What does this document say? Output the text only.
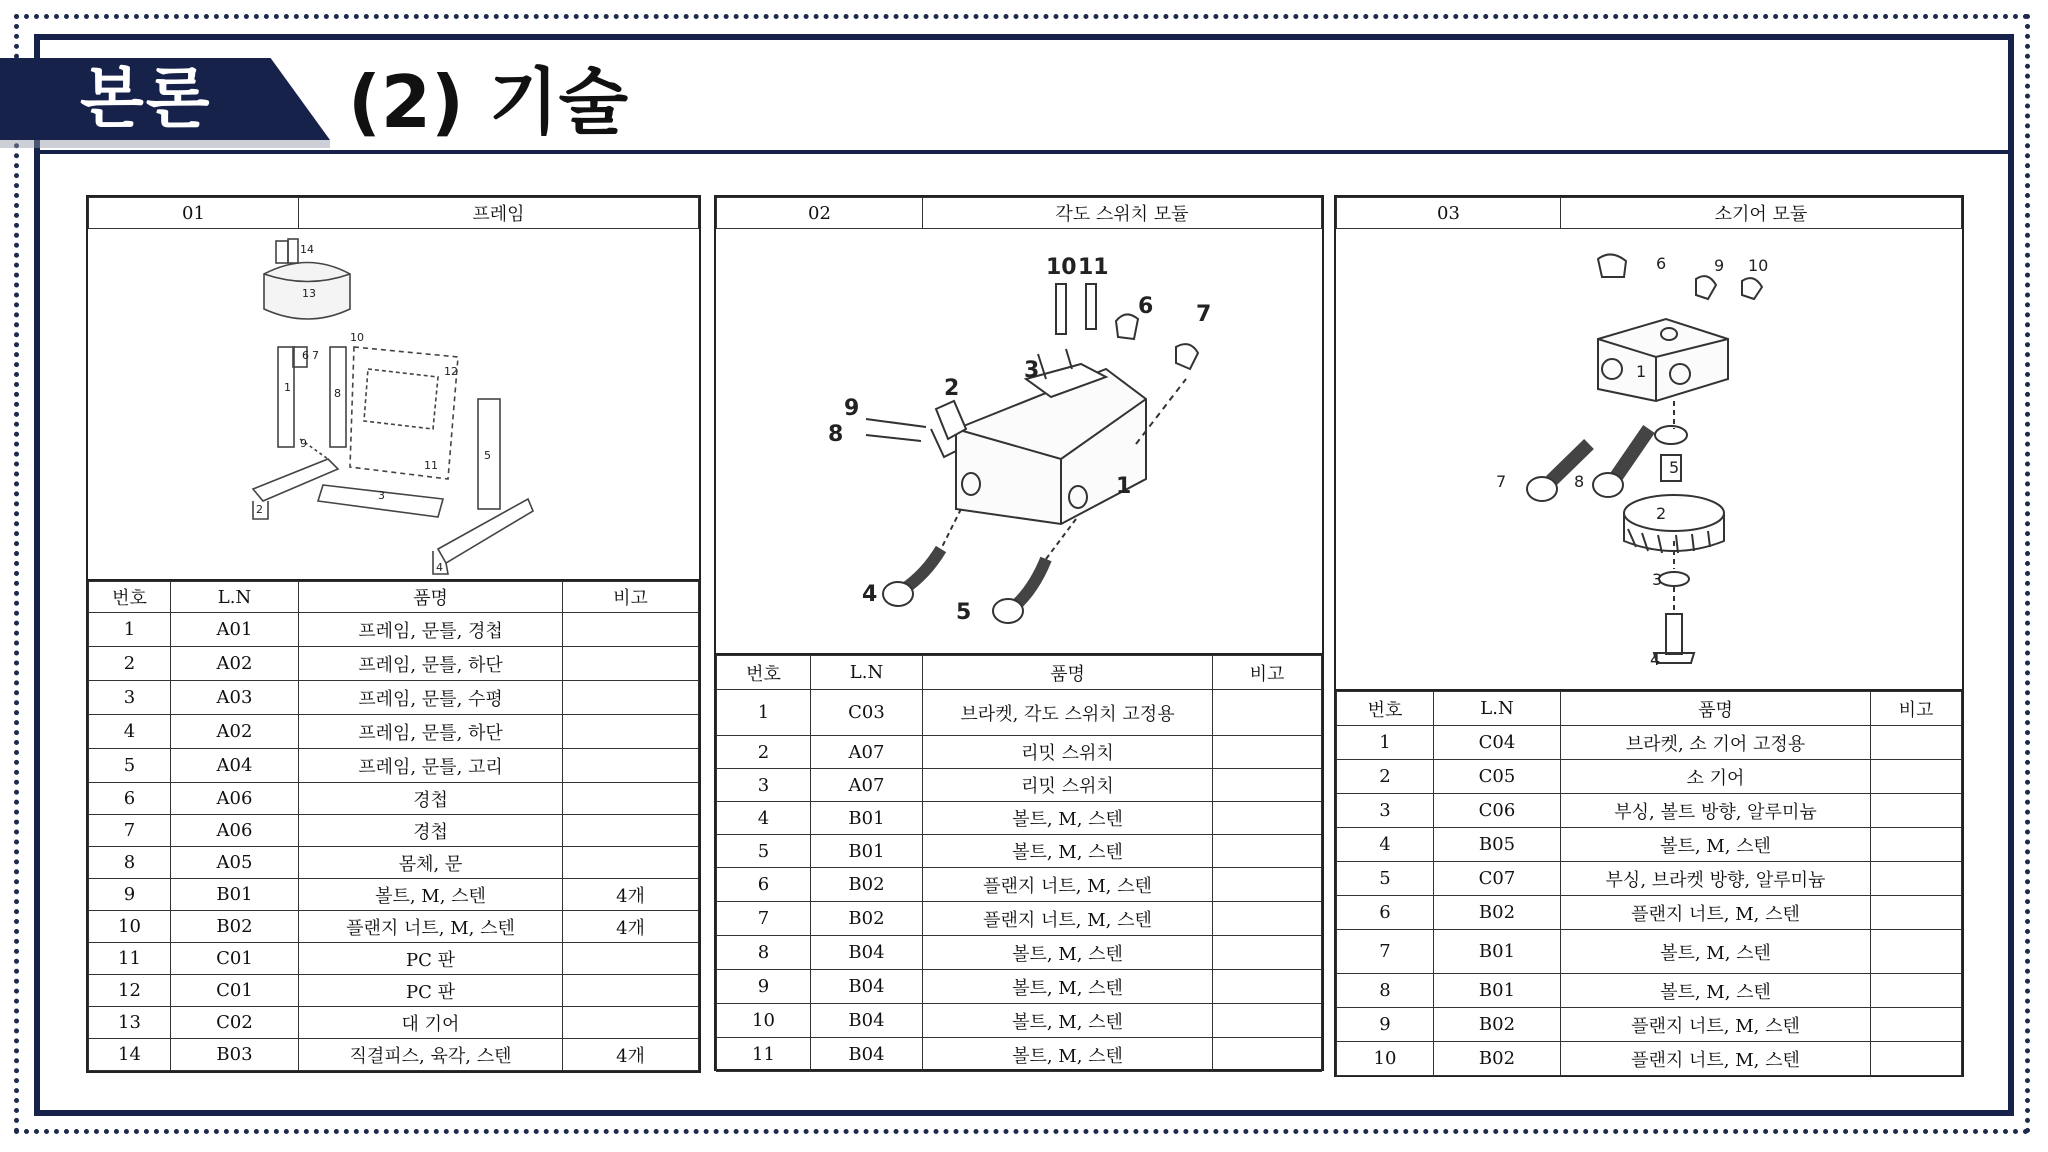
본론 (2) 기술
01	프레임
1
2
3
4
5
6 7
8
9
10
11
12
13
14
번호	L.N	품명	비고
1	A01	프레임, 문틀, 경첩	
2	A02	프레임, 문틀, 하단	
3	A03	프레임, 문틀, 수평	
4	A02	프레임, 문틀, 하단	
5	A04	프레임, 문틀, 고리	
6	A06	경첩	
7	A06	경첩	
8	A05	몸체, 문	
9	B01	볼트, M, 스텐	4개
10	B02	플랜지 너트, M, 스텐	4개
11	C01	PC 판	
12	C01	PC 판	
13	C02	대 기어	
14	B03	직결피스, 육각, 스텐	4개
02	각도 스위치 모듈
1
2
3
4
5
6 7
8
9
10 11
번호	L.N	품명	비고
1	C03	브라켓, 각도 스위치 고정용	
2	A07	리밋 스위치	
3	A07	리밋 스위치	
4	B01	볼트, M, 스텐	
5	B01	볼트, M, 스텐	
6	B02	플랜지 너트, M, 스텐	
7	B02	플랜지 너트, M, 스텐	
8	B04	볼트, M, 스텐	
9	B04	볼트, M, 스텐	
10	B04	볼트, M, 스텐	
11	B04	볼트, M, 스텐	
03	소기어 모듈
1
2
3
4
5
6
7	8
9 10
번호	L.N	품명	비고
1	C04	브라켓, 소 기어 고정용	
2	C05	소 기어	
3	C06	부싱, 볼트 방향, 알루미늄	
4	B05	볼트, M, 스텐	
5	C07	부싱, 브라켓 방향, 알루미늄	
6	B02	플랜지 너트, M, 스텐	
7	B01	볼트, M, 스텐	
8	B01	볼트, M, 스텐	
9	B02	플랜지 너트, M, 스텐	
10	B02	플랜지 너트, M, 스텐	
